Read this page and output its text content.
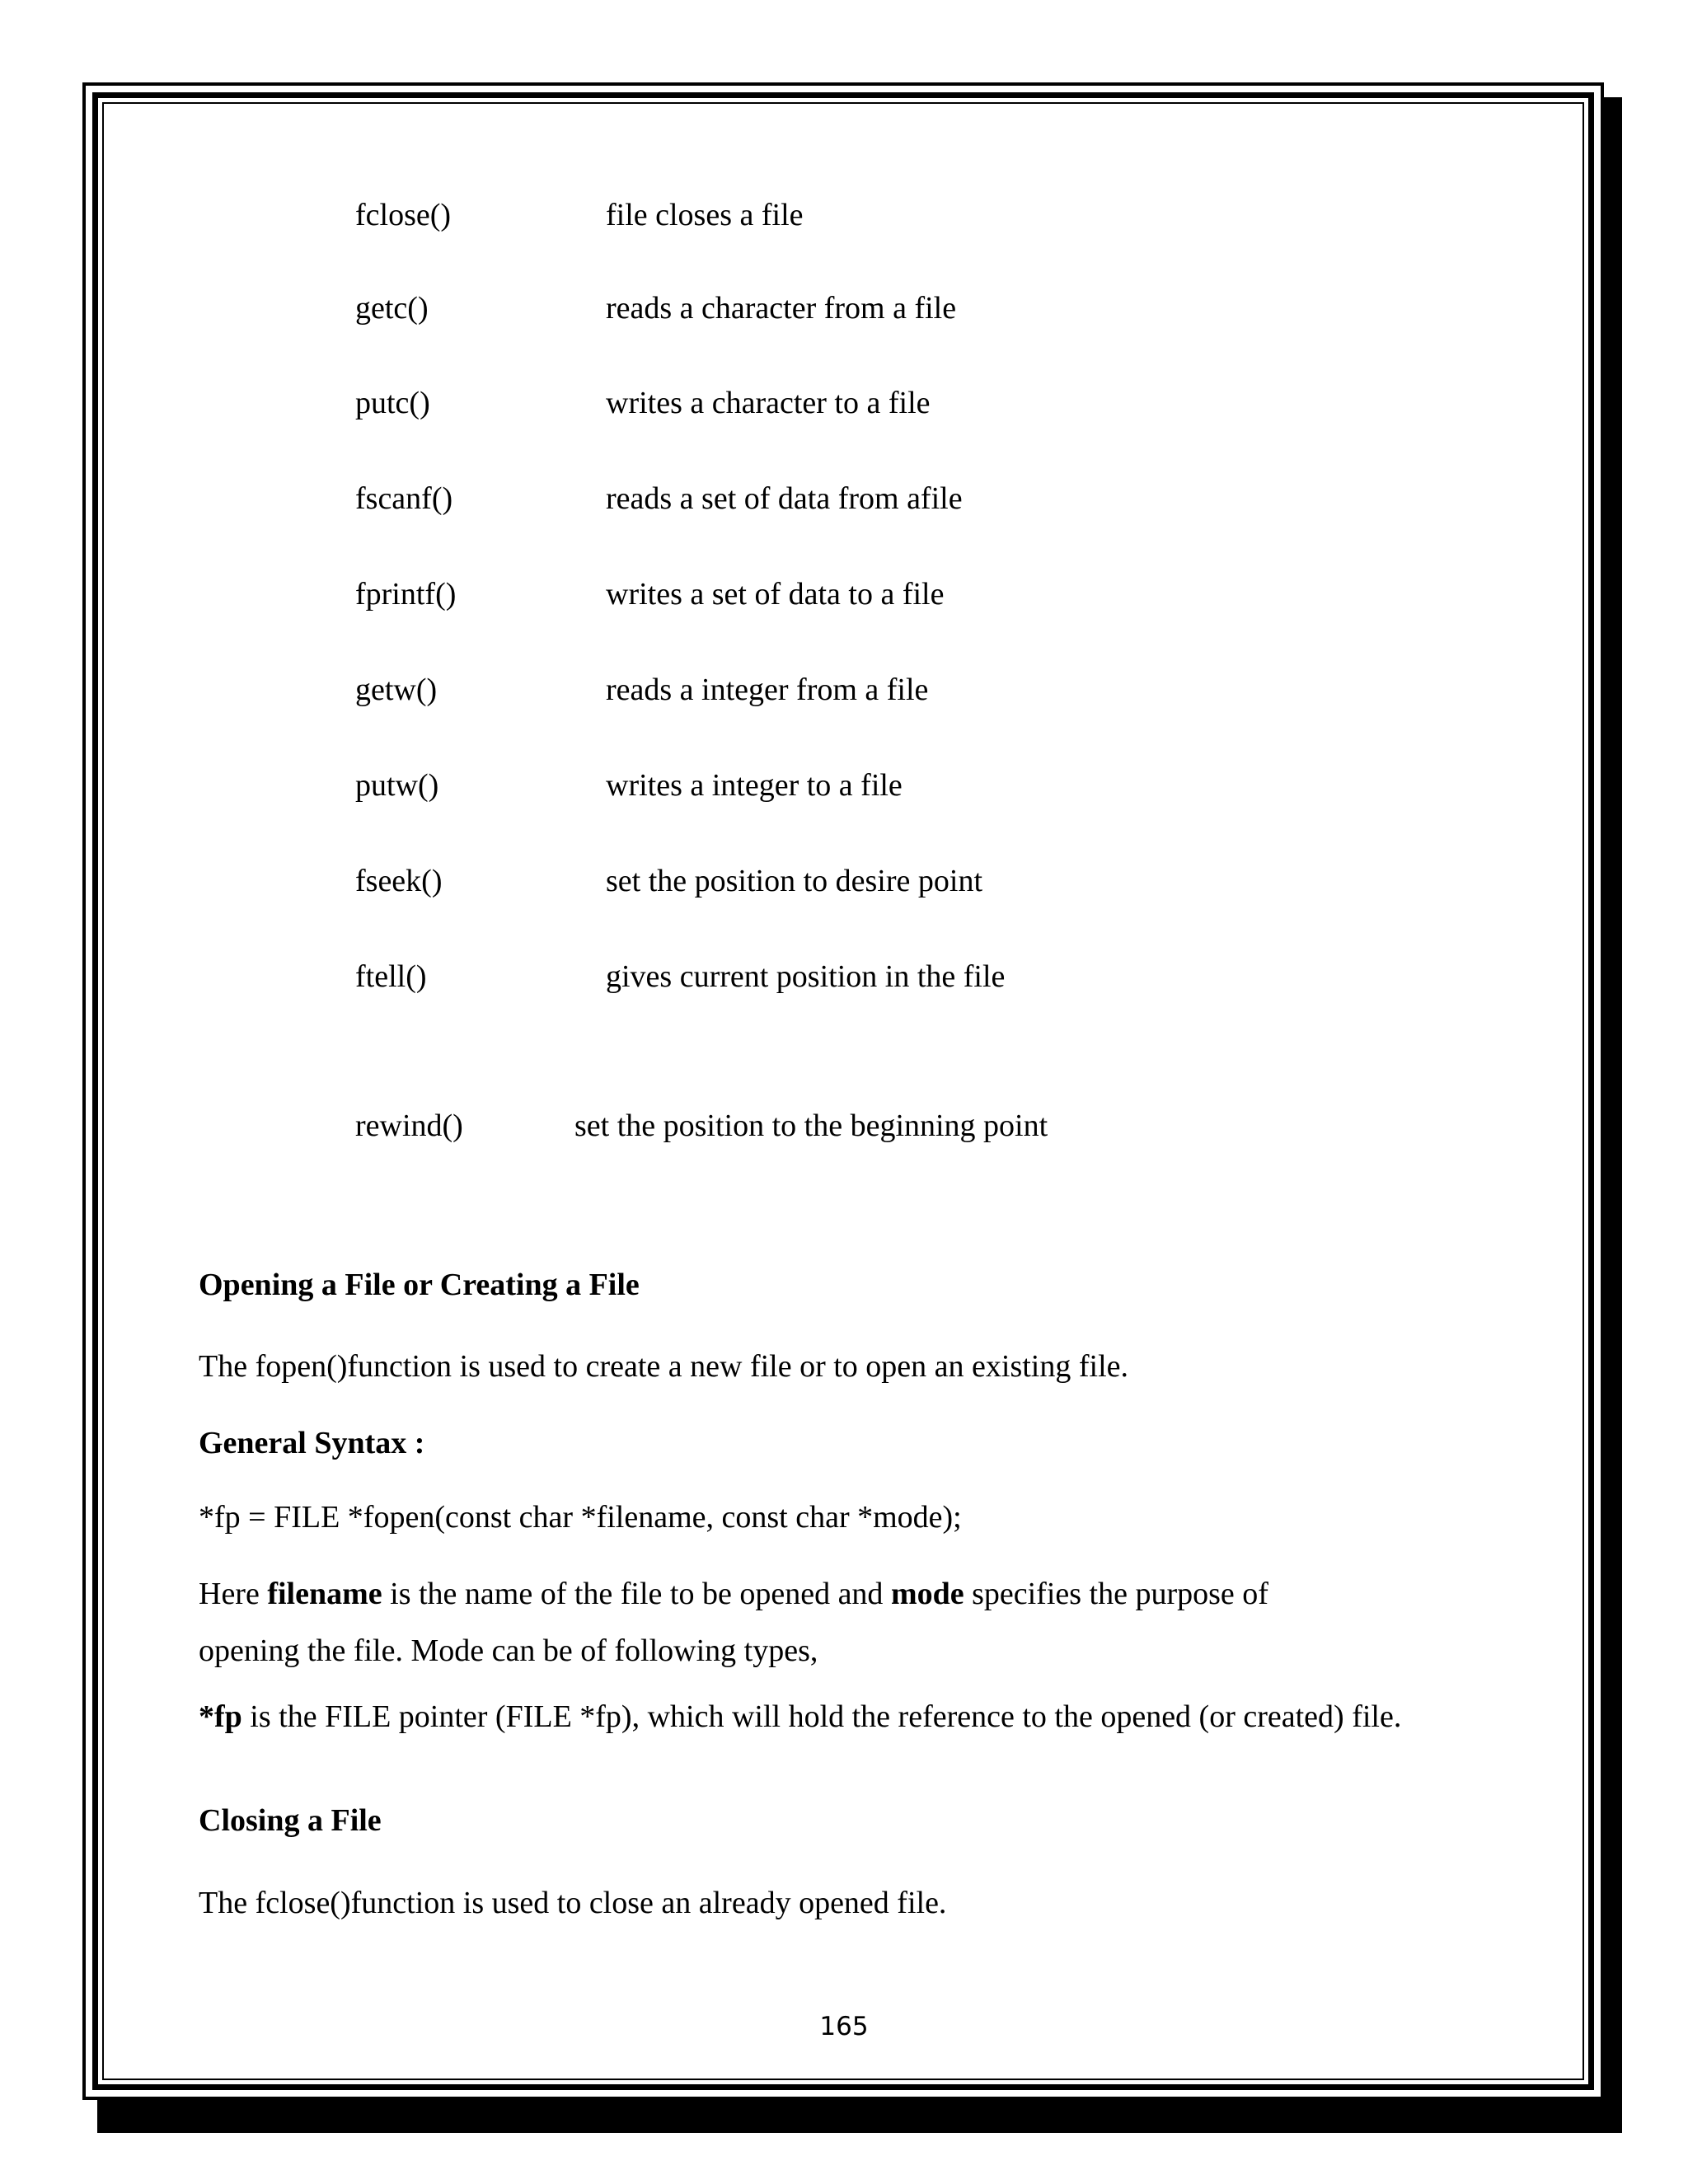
fclose()	file closes a file
getc()	reads a character from a file
putc()	writes a character to a file
fscanf()	reads a set of data from afile
fprintf()	writes a set of data to a file
getw()	reads a integer from a file
putw()	writes a integer to a file
fseek()	set the position to desire point
ftell()	gives current position in the file
rewind()	set the position to the beginning point
Opening a File or Creating a File
The fopen()function is used to create a new file or to open an existing file.
General Syntax :
*fp = FILE *fopen(const char *filename, const char *mode);
Here filename is the name of the file to be opened and mode specifies the purpose of
opening the file. Mode can be of following types,
*fp is the FILE pointer (FILE *fp), which will hold the reference to the opened (or created) file.
Closing a File
The fclose()function is used to close an already opened file.
165
